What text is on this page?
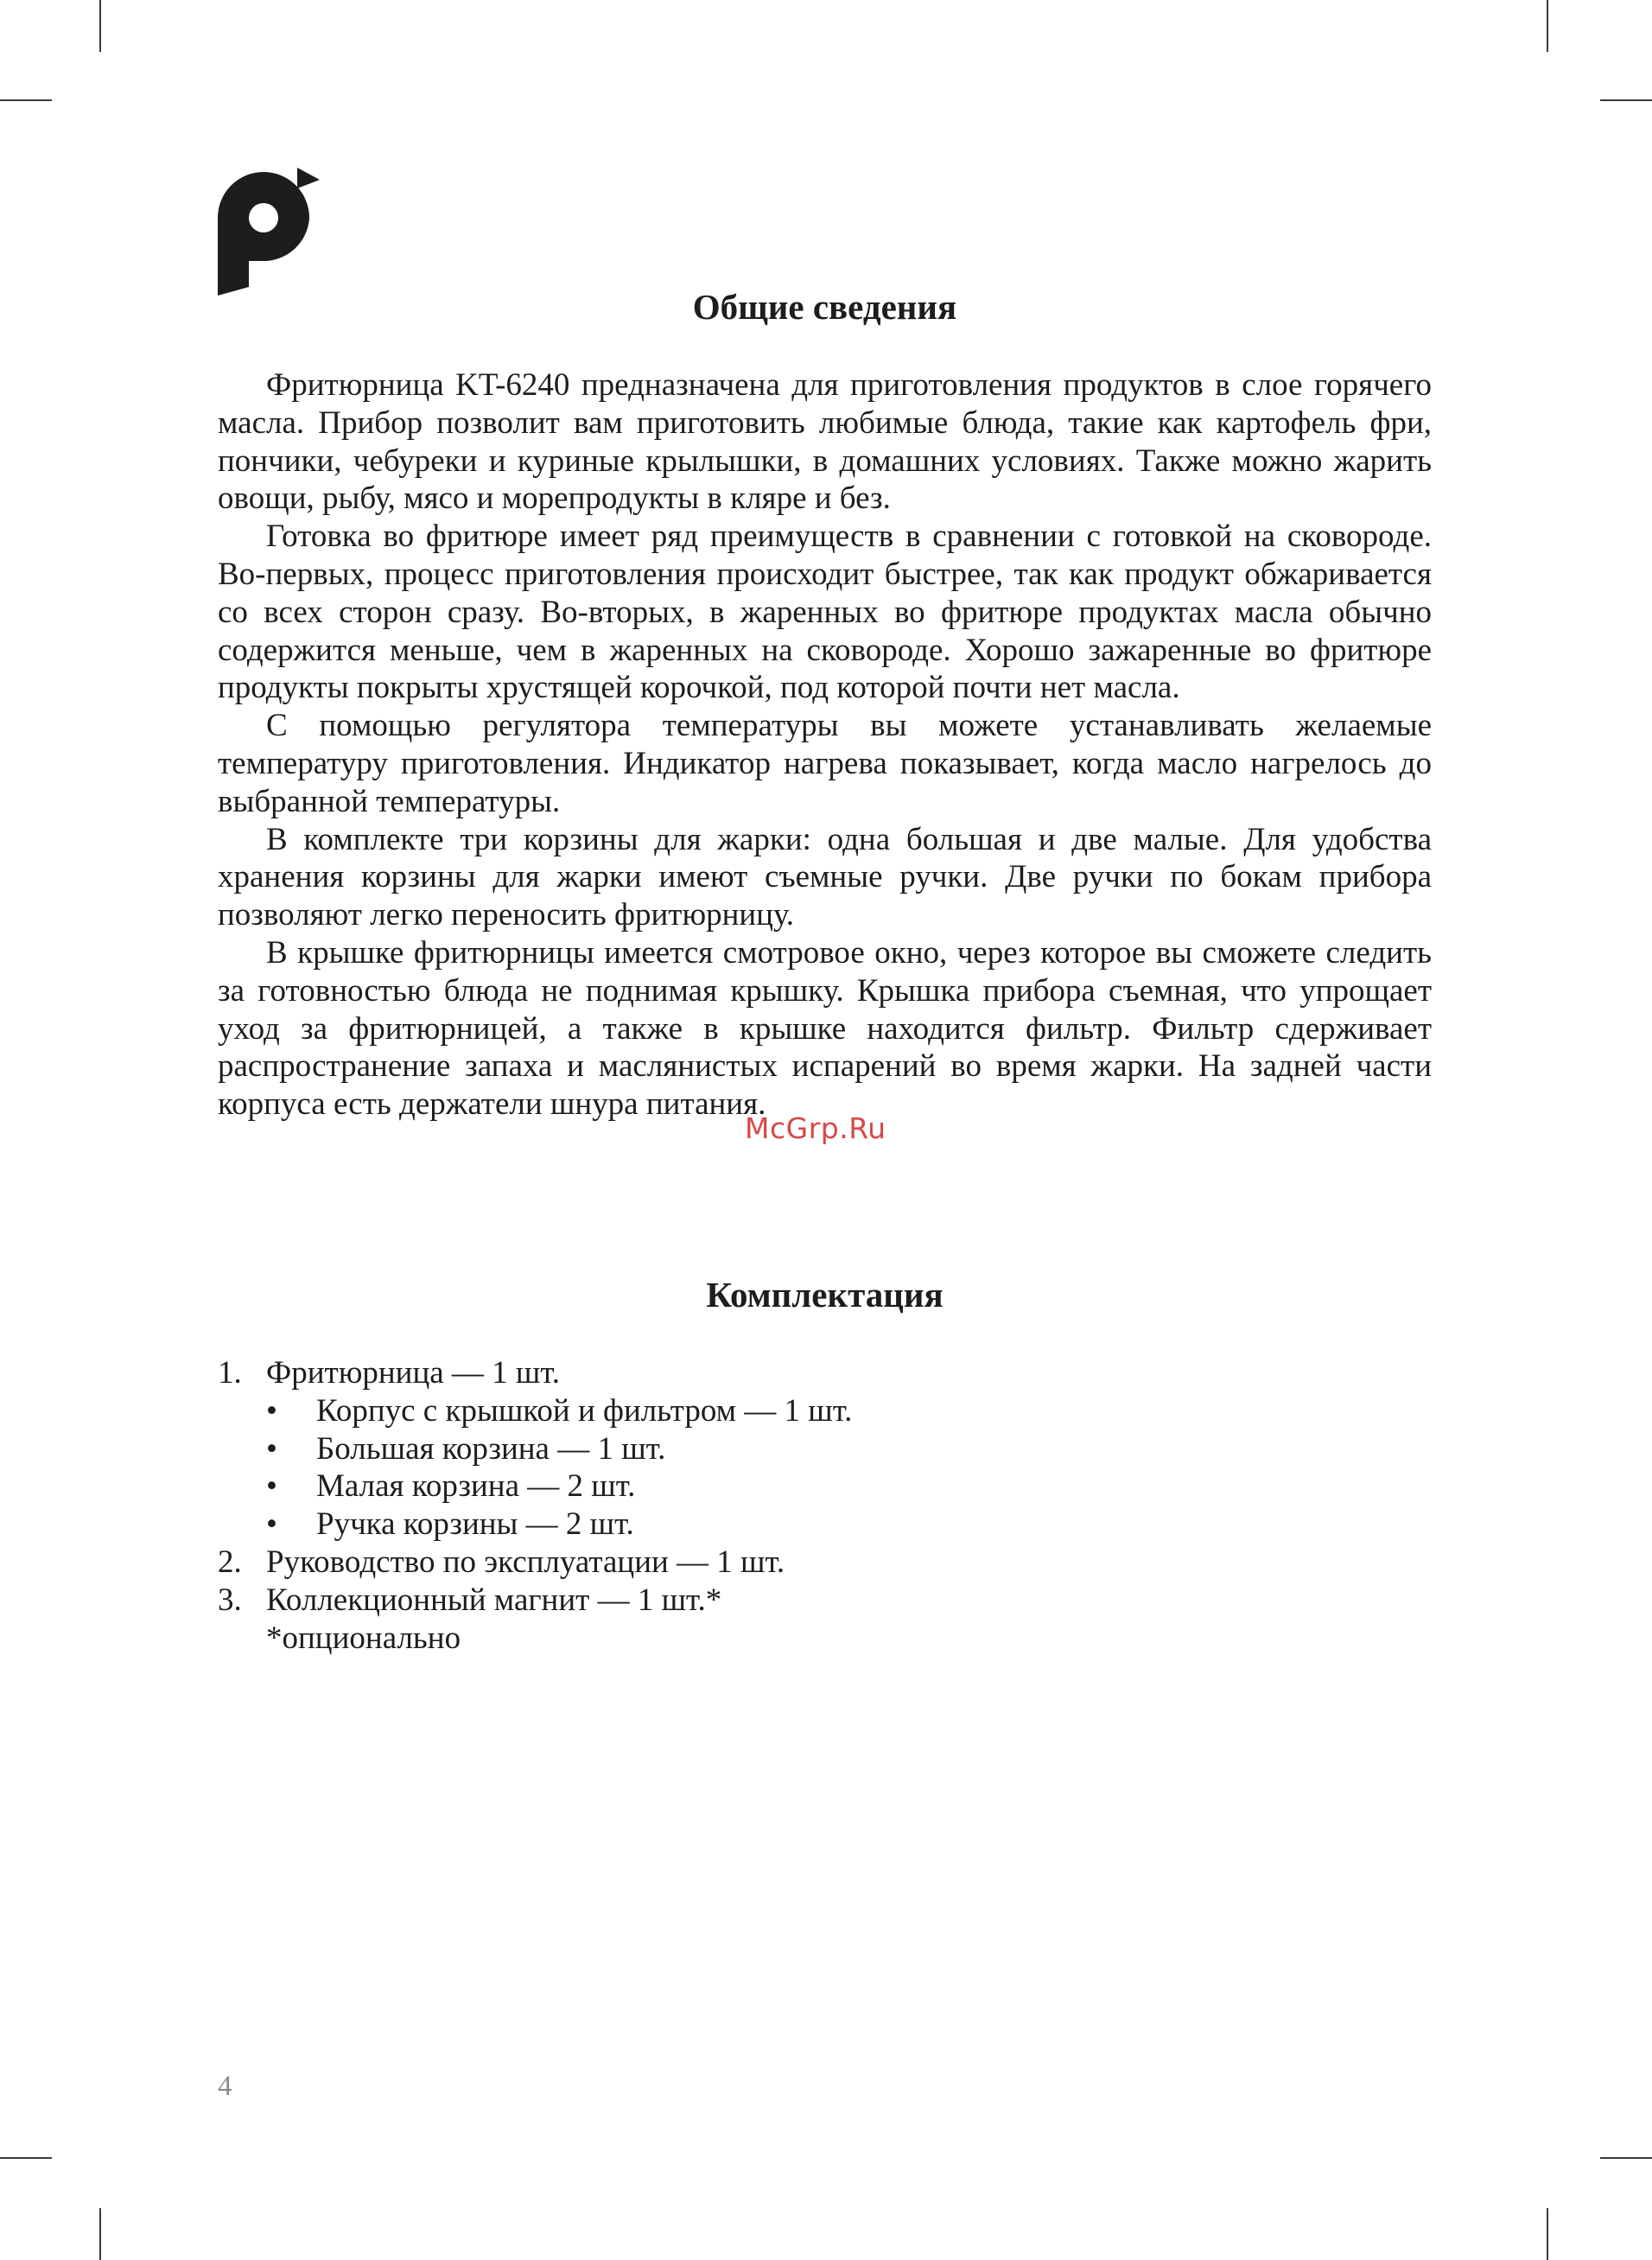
Общие сведения

Фритюрница KT-6240 предназначена для приготовления продуктов в слое горячего масла. Прибор позволит вам приготовить любимые блюда, такие как картофель фри, пончики, чебуреки и куриные крылышки, в домашних условиях. Также можно жарить овощи, рыбу, мясо и морепродукты в кляре и без.

Готовка во фритюре имеет ряд преимуществ в сравнении с готовкой на сковороде. Во-первых, процесс приготовления происходит быстрее, так как продукт обжаривается со всех сторон сразу. Во-вторых, в жаренных во фритюре продуктах масла обычно содержится меньше, чем в жаренных на сковороде. Хорошо зажаренные во фритюре продукты покрыты хрустящей корочкой, под которой почти нет масла.

С помощью регулятора температуры вы можете устанавливать желаемые температуру приготовления. Индикатор нагрева показывает, когда масло нагрелось до выбранной температуры.

В комплекте три корзины для жарки: одна большая и две малые. Для удобства хранения корзины для жарки имеют съемные ручки. Две ручки по бокам прибора позволяют легко переносить фритюрницу.

В крышке фритюрницы имеется смотровое окно, через которое вы сможете следить за готовностью блюда не поднимая крышку. Крышка прибора съемная, что упрощает уход за фритюрницей, а также в крышке находится фильтр. Фильтр сдерживает распространение запаха и маслянистых испарений во время жарки. На задней части корпуса есть держатели шнура питания.

McGrp.Ru
Комплектация
1. Фритюрница — 1 шт.
• Корпус с крышкой и фильтром — 1 шт.
• Большая корзина — 1 шт.
• Малая корзина — 2 шт.
• Ручка корзины — 2 шт.
2. Руководство по эксплуатации — 1 шт.
3. Коллекционный магнит — 1 шт.*
*опционально
4
